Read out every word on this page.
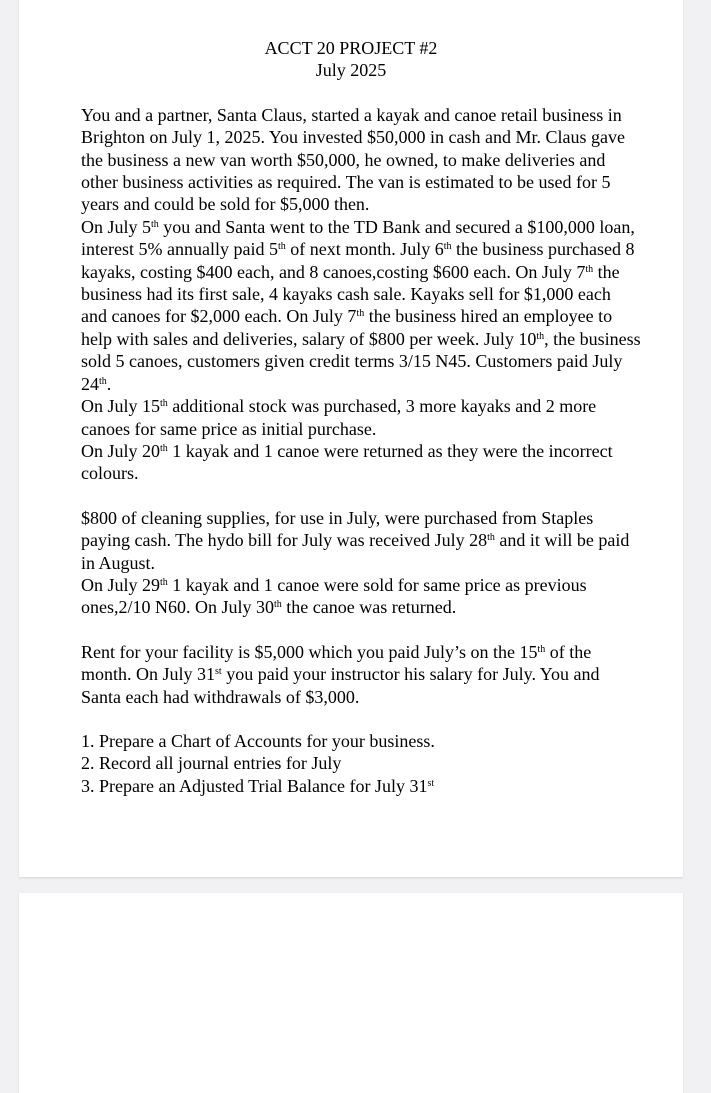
ACCT 20 PROJECT #2

July 2025

You and a partner, Santa Claus, started a kayak and canoe retail business in Brighton on July 1, 2025. You invested $50,000 in cash and Mr. Claus gave the business a new van worth $50,000, he owned, to make deliveries and other business activities as required. The van is estimated to be used for 5 years and could be sold for $5,000 then.

On July 5th you and Santa went to the TD Bank and secured a $100,000 loan, interest 5% annually paid 5th of next month. July 6th the business purchased 8 kayaks, costing $400 each, and 8 canoes,costing $600 each. On July 7th the business had its first sale, 4 kayaks cash sale. Kayaks sell for $1,000 each and canoes for $2,000 each. On July 7th the business hired an employee to help with sales and deliveries, salary of $800 per week. July 10th, the business sold 5 canoes, customers given credit terms 3/15 N45. Customers paid July 24th.

On July 15th additional stock was purchased, 3 more kayaks and 2 more canoes for same price as initial purchase.

On July 20th 1 kayak and 1 canoe were returned as they were the incorrect colours.

$800 of cleaning supplies, for use in July, were purchased from Staples paying cash. The hydo bill for July was received July 28th and it will be paid in August.

On July 29th 1 kayak and 1 canoe were sold for same price as previous ones,2/10 N60. On July 30th the canoe was returned.

Rent for your facility is $5,000 which you paid July’s on the 15th of the month. On July 31st you paid your instructor his salary for July. You and Santa each had withdrawals of $3,000.

1. Prepare a Chart of Accounts for your business.

2. Record all journal entries for July

3. Prepare an Adjusted Trial Balance for July 31st
